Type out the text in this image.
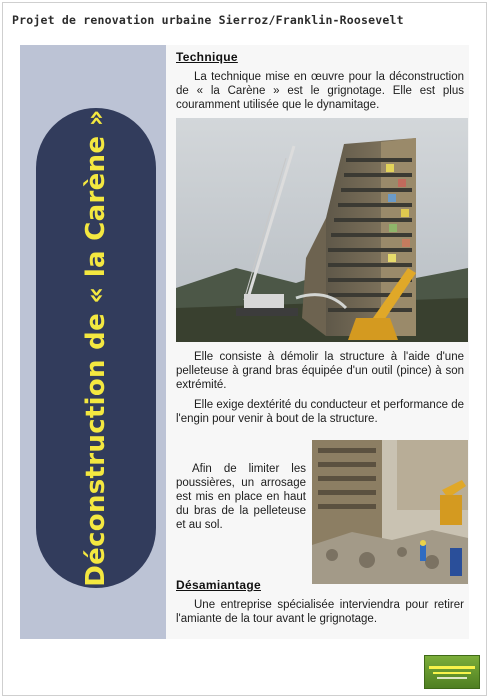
Projet de renovation urbaine Sierroz/Franklin-Roosevelt
Déconstruction de « la Carène »
Technique
La technique mise en œuvre pour la déconstruction de « la Carène » est le grignotage. Elle est plus couramment utilisée que le dynamitage.
Elle consiste à démolir la structure à l'aide d'une pelleteuse à grand bras équipée d'un outil (pince) à son extrémité.
Elle exige dextérité du conducteur et performance de l'engin pour venir à bout de la structure.
Afin de limiter les poussières, un arrosage est mis en place en haut du bras de la pelleteuse et au sol.
Désamiantage
Une entreprise spécialisée interviendra pour retirer l'amiante de la tour avant le grignotage.
